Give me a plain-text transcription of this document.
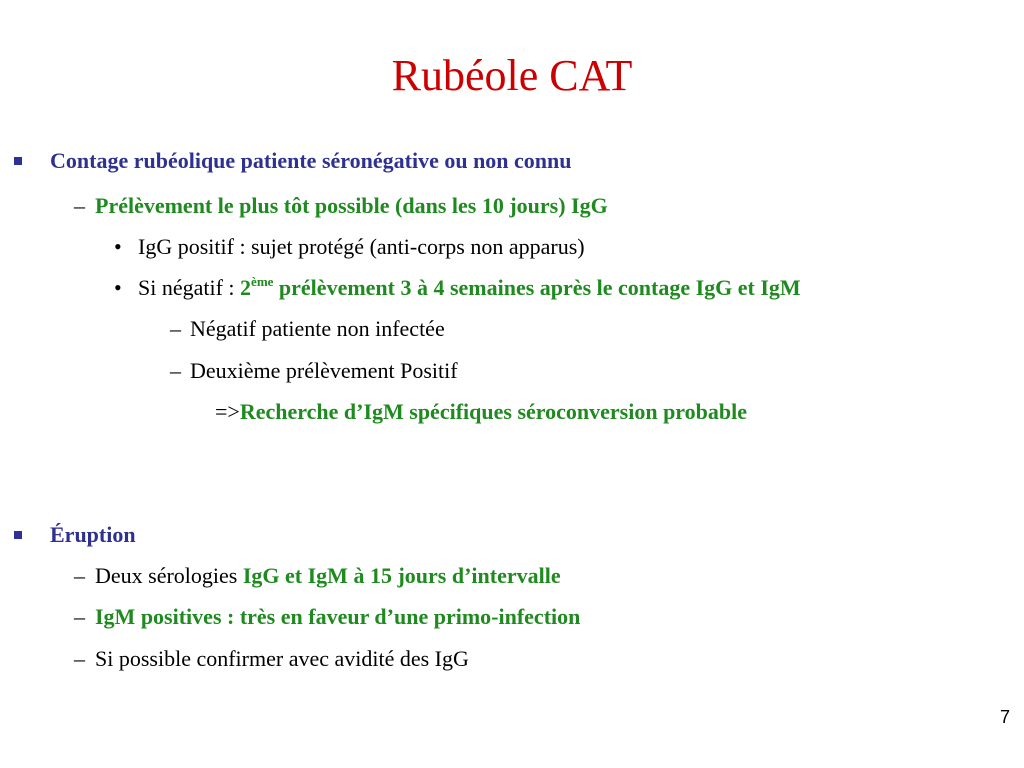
Rubéole CAT
Contage rubéolique patiente séronégative ou non connu
– Prélèvement le plus tôt possible (dans les 10 jours) IgG
• IgG positif : sujet protégé (anti-corps non apparus)
• Si négatif : 2ème prélèvement 3 à 4 semaines après le contage IgG et IgM
– Négatif patiente non infectée
– Deuxième prélèvement Positif
=>Recherche d’IgM spécifiques séroconversion probable
Éruption
– Deux sérologies IgG et IgM à 15 jours d’intervalle
– IgM positives : très en faveur d’une primo-infection
– Si possible confirmer avec avidité des IgG
7
